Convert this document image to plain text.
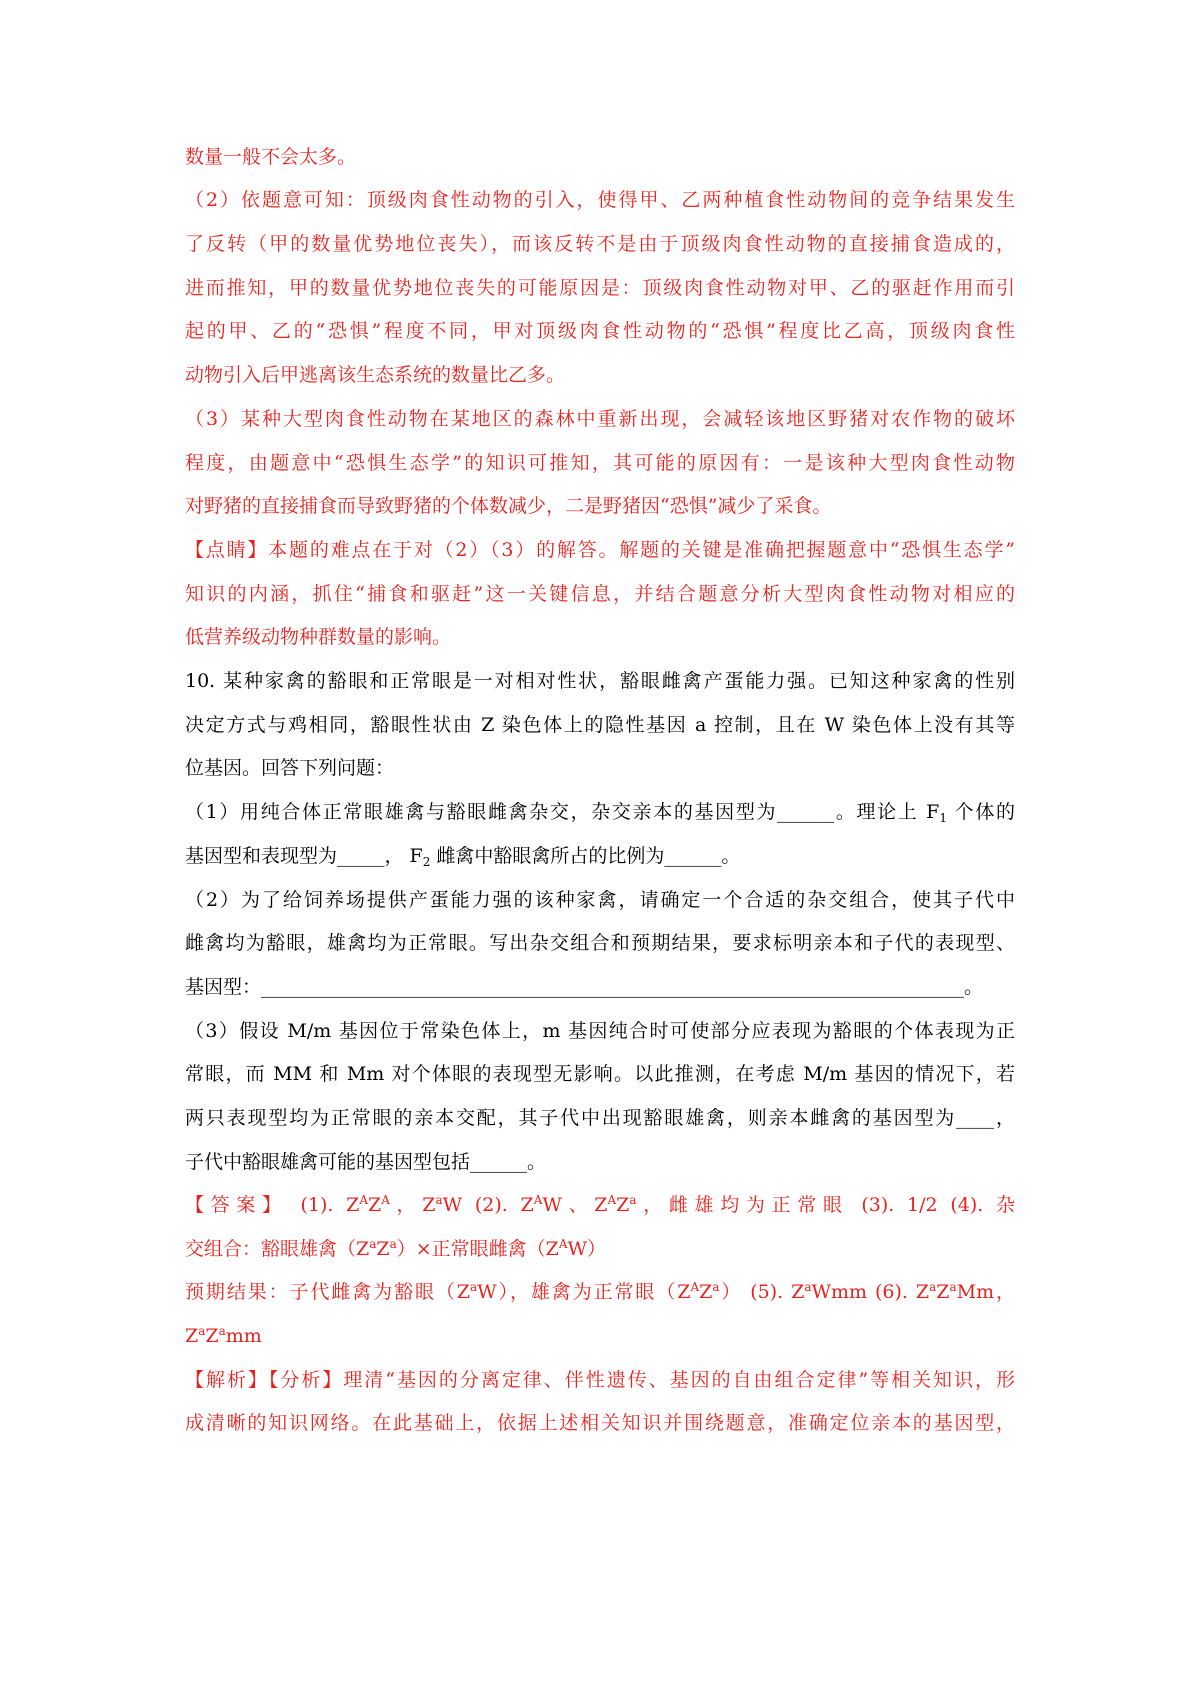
数量一般不会太多。
（2）依题意可知：顶级肉食性动物的引入，使得甲、乙两种植食性动物间的竞争结果发生
了反转（甲的数量优势地位丧失），而该反转不是由于顶级肉食性动物的直接捕食造成的，
进而推知，甲的数量优势地位丧失的可能原因是：顶级肉食性动物对甲、乙的驱赶作用而引
起的甲、乙的“恐惧”程度不同，甲对顶级肉食性动物的“恐惧”程度比乙高，顶级肉食性
动物引入后甲逃离该生态系统的数量比乙多。
（3）某种大型肉食性动物在某地区的森林中重新出现，会减轻该地区野猪对农作物的破坏
程度，由题意中“恐惧生态学”的知识可推知，其可能的原因有：一是该种大型肉食性动物
对野猪的直接捕食而导致野猪的个体数减少，二是野猪因“恐惧”减少了采食。
【点睛】本题的难点在于对（2）（3）的解答。解题的关键是准确把握题意中“恐惧生态学”
知识的内涵，抓住“捕食和驱赶”这一关键信息，并结合题意分析大型肉食性动物对相应的
低营养级动物种群数量的影响。
10. 某种家禽的豁眼和正常眼是一对相对性状，豁眼雌禽产蛋能力强。已知这种家禽的性别
决定方式与鸡相同，豁眼性状由 Z 染色体上的隐性基因 a 控制，且在 W 染色体上没有其等
位基因。回答下列问题：
（1）用纯合体正常眼雄禽与豁眼雌禽杂交，杂交亲本的基因型为______。理论上 $F_1$ 个体的
基因型和表现型为_____， $F_2$ 雌禽中豁眼禽所占的比例为______。
（2）为了给饲养场提供产蛋能力强的该种家禽，请确定一个合适的杂交组合，使其子代中
雌禽均为豁眼，雄禽均为正常眼。写出杂交组合和预期结果，要求标明亲本和子代的表现型、
基因型：__________________________________________________________________________。
（3）假设 M/m 基因位于常染色体上，m 基因纯合时可使部分应表现为豁眼的个体表现为正
常眼，而 MM 和 Mm 对个体眼的表现型无影响。以此推测，在考虑 M/m 基因的情况下，若
两只表现型均为正常眼的亲本交配，其子代中出现豁眼雄禽，则亲本雌禽的基因型为____，
子代中豁眼雄禽可能的基因型包括______。
【答案】 (1). $Z^AZ^A$，$Z^aW$ (2). $Z^AW$、$Z^AZ^a$，雌雄均为正常眼 (3). 1/2 (4). 杂
交组合：豁眼雄禽$(Z^aZ^a)\times$正常眼雌禽$(Z^AW)$
预期结果：子代雌禽为豁眼$(Z^aW)$，雄禽为正常眼$(Z^AZ^a)$ (5). $Z^aWmm$ (6). $Z^aZ^aMm$，
$Z^aZ^amm$
【解析】【分析】理清“基因的分离定律、伴性遗传、基因的自由组合定律”等相关知识，形
成清晰的知识网络。在此基础上，依据上述相关知识并围绕题意，准确定位亲本的基因型，
